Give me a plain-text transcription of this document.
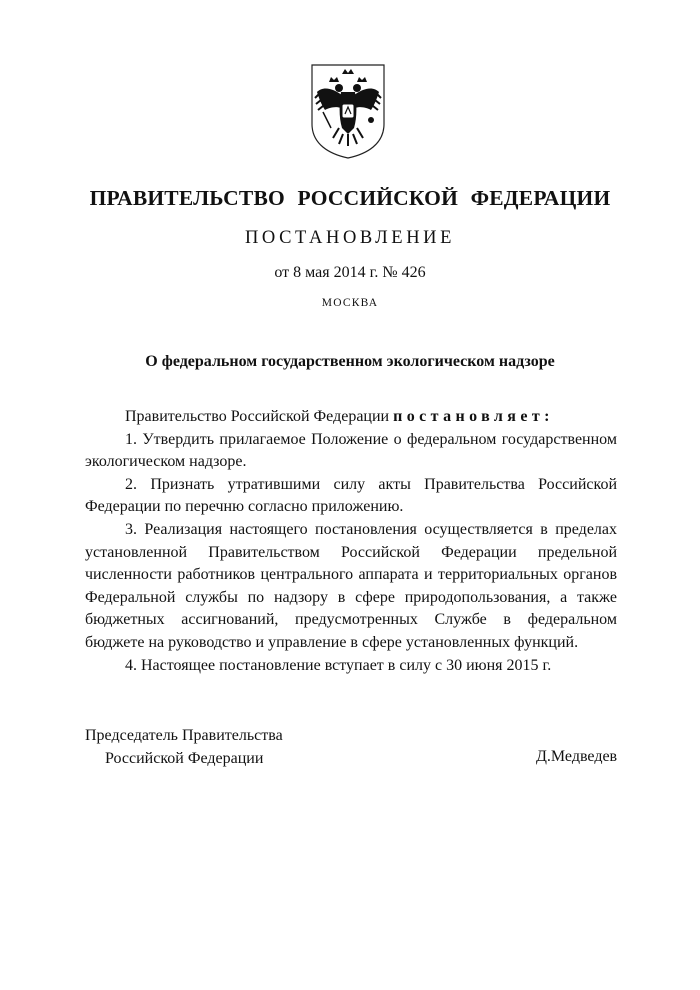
ПРАВИТЕЛЬСТВО РОССИЙСКОЙ ФЕДЕРАЦИИ
ПОСТАНОВЛЕНИЕ
от 8 мая 2014 г. № 426
МОСКВА
О федеральном государственном экологическом надзоре

Правительство Российской Федерации постановляет:

1. Утвердить прилагаемое Положение о федеральном государственном экологическом надзоре.

2. Признать утратившими силу акты Правительства Российской Федерации по перечню согласно приложению.

3. Реализация настоящего постановления осуществляется в пределах установленной Правительством Российской Федерации предельной численности работников центрального аппарата и территориальных органов Федеральной службы по надзору в сфере природопользования, а также бюджетных ассигнований, предусмотренных Службе в федеральном бюджете на руководство и управление в сфере установленных функций.

4. Настоящее постановление вступает в силу с 30 июня 2015 г.

Председатель Правительства
Российской Федерации	Д.Медведев
